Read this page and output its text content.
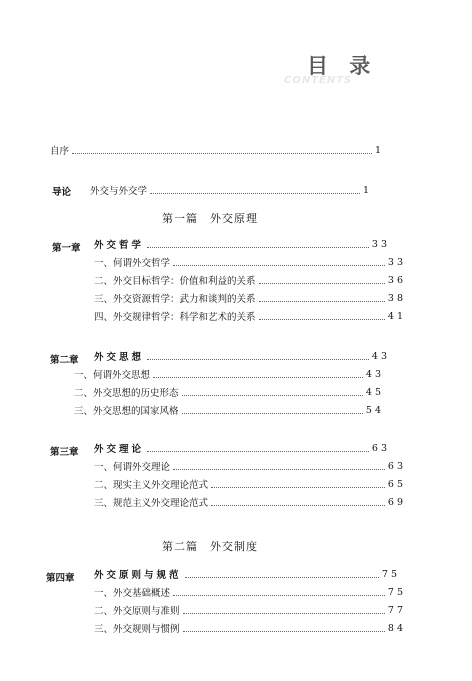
目 录
CONTENTS
自序	1
导论 外交与外交学	1
第一篇　外交原理
第一章 外交哲学	33
一、何谓外交哲学	33
二、外交目标哲学：价值和利益的关系	36
三、外交资源哲学：武力和谈判的关系	38
四、外交规律哲学：科学和艺术的关系	41
第二章 外交思想	43
一、何谓外交思想	43
二、外交思想的历史形态	45
三、外交思想的国家风格	54
第三章 外交理论	63
一、何谓外交理论	63
二、现实主义外交理论范式	65
三、规范主义外交理论范式	69
第二篇　外交制度
第四章 外交原则与规范	75
一、外交基础概述	75
二、外交原则与准则	77
三、外交规则与惯例	84
